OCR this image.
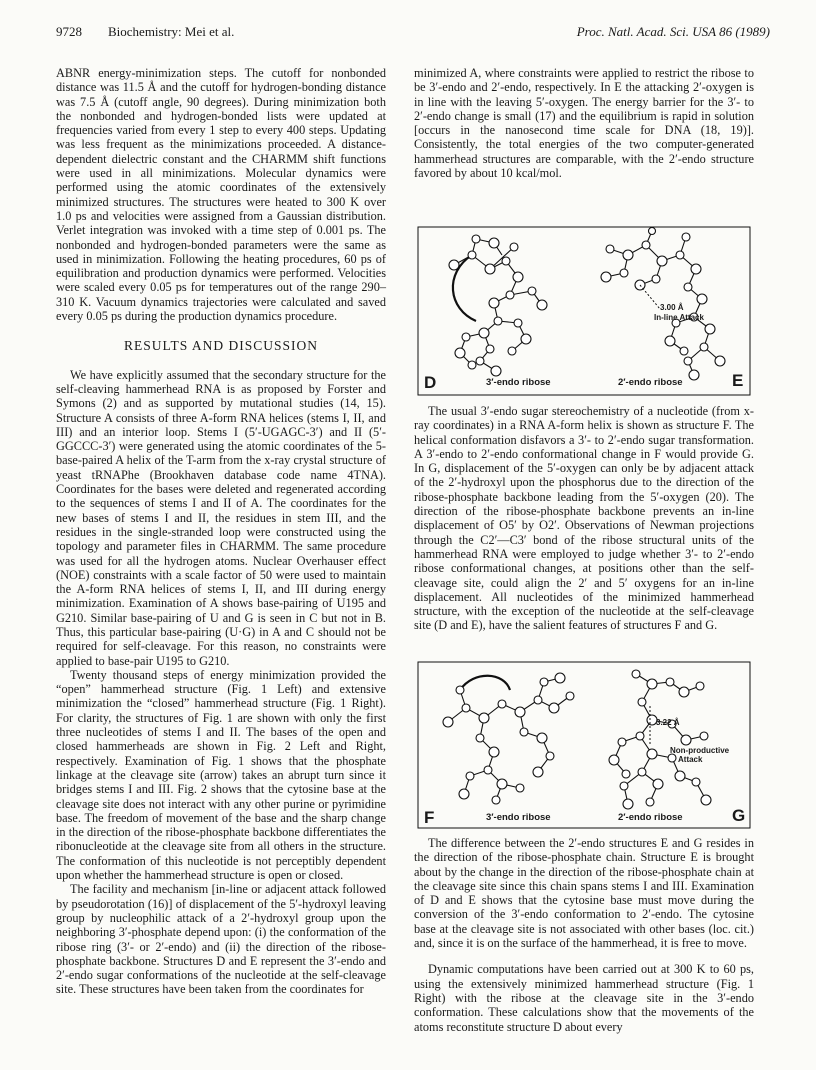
9728 Biochemistry: Mei et al.	Proc. Natl. Acad. Sci. USA 86 (1989)

ABNR energy-minimization steps. The cutoff for nonbonded distance was 11.5 Å and the cutoff for hydrogen-bonding distance was 7.5 Å (cutoff angle, 90 degrees). During minimization both the nonbonded and hydrogen-bonded lists were updated at frequencies varied from every 1 step to every 400 steps. Updating was less frequent as the minimizations proceeded. A distance-dependent dielectric constant and the CHARMM shift functions were used in all minimizations. Molecular dynamics were performed using the atomic coordinates of the extensively minimized structures. The structures were heated to 300 K over 1.0 ps and velocities were assigned from a Gaussian distribution. Verlet integration was invoked with a time step of 0.001 ps. The nonbonded and hydrogen-bonded parameters were the same as used in minimization. Following the heating procedures, 60 ps of equilibration and production dynamics were performed. Velocities were scaled every 0.05 ps for temperatures out of the range 290–310 K. Vacuum dynamics trajectories were calculated and saved every 0.05 ps during the production dynamics procedure.

RESULTS AND DISCUSSION

We have explicitly assumed that the secondary structure for the self-cleaving hammerhead RNA is as proposed by Forster and Symons (2) and as supported by mutational studies (14, 15). Structure A consists of three A-form RNA helices (stems I, II, and III) and an interior loop. Stems I (5′-UGAGC-3′) and II (5′-GGCCC-3′) were generated using the atomic coordinates of the 5-base-paired A helix of the T-arm from the x-ray crystal structure of yeast tRNAPhe (Brookhaven database code name 4TNA). Coordinates for the bases were deleted and regenerated according to the sequences of stems I and II of A. The coordinates for the new bases of stems I and II, the residues in stem III, and the residues in the single-stranded loop were constructed using the topology and parameter files in CHARMM. The same procedure was used for all the hydrogen atoms. Nuclear Overhauser effect (NOE) constraints with a scale factor of 50 were used to maintain the A-form RNA helices of stems I, II, and III during energy minimization. Examination of A shows base-pairing of U195 and G210. Similar base-pairing of U and G is seen in C but not in B. Thus, this particular base-pairing (U·G) in A and C should not be required for self-cleavage. For this reason, no constraints were applied to base-pair U195 to G210.

Twenty thousand steps of energy minimization provided the “open” hammerhead structure (Fig. 1 Left) and extensive minimization the “closed” hammerhead structure (Fig. 1 Right). For clarity, the structures of Fig. 1 are shown with only the first three nucleotides of stems I and II. The bases of the open and closed hammerheads are shown in Fig. 2 Left and Right, respectively. Examination of Fig. 1 shows that the phosphate linkage at the cleavage site (arrow) takes an abrupt turn since it bridges stems I and III. Fig. 2 shows that the cytosine base at the cleavage site does not interact with any other purine or pyrimidine base. The freedom of movement of the base and the sharp change in the direction of the ribose-phosphate backbone differentiates the ribonucleotide at the cleavage site from all others in the structure. The conformation of this nucleotide is not perceptibly dependent upon whether the hammerhead structure is open or closed.

The facility and mechanism [in-line or adjacent attack followed by pseudorotation (16)] of displacement of the 5′-hydroxyl leaving group by nucleophilic attack of a 2′-hydroxyl group upon the neighboring 3′-phosphate depend upon: (i) the conformation of the ribose ring (3′- or 2′-endo) and (ii) the direction of the ribose-phosphate backbone. Structures D and E represent the 3′-endo and 2′-endo sugar conformations of the nucleotide at the self-cleavage site. These structures have been taken from the coordinates for

minimized A, where constraints were applied to restrict the ribose to be 3′-endo and 2′-endo, respectively. In E the attacking 2′-oxygen is in line with the leaving 5′-oxygen. The energy barrier for the 3′- to 2′-endo change is small (17) and the equilibrium is rapid in solution [occurs in the nanosecond time scale for DNA (18, 19)]. Consistently, the total energies of the two computer-generated hammerhead structures are comparable, with the 2′-endo structure favored by about 10 kcal/mol.

D	E
3′-endo ribose	2′-endo ribose
3.00 Å
In-line Attack

The usual 3′-endo sugar stereochemistry of a nucleotide (from x-ray coordinates) in a RNA A-form helix is shown as structure F. The helical conformation disfavors a 3′- to 2′-endo sugar transformation. A 3′-endo to 2′-endo conformational change in F would provide G. In G, displacement of the 5′-oxygen can only be by adjacent attack of the 2′-hydroxyl upon the phosphorus due to the direction of the ribose-phosphate backbone leading from the 5′-oxygen (20). The direction of the ribose-phosphate backbone prevents an in-line displacement of O5′ by O2′. Observations of Newman projections through the C2′—C3′ bond of the ribose structural units of the hammerhead RNA were employed to judge whether 3′- to 2′-endo ribose conformational changes, at positions other than the self-cleavage site, could align the 2′ and 5′ oxygens for an in-line displacement. All nucleotides of the minimized hammerhead structure, with the exception of the nucleotide at the self-cleavage site (D and E), have the salient features of structures F and G.

F	G
3′-endo ribose	2′-endo ribose
3.22 Å
Non-productive
Attack

The difference between the 2′-endo structures E and G resides in the direction of the ribose-phosphate chain. Structure E is brought about by the change in the direction of the ribose-phosphate chain at the cleavage site since this chain spans stems I and III. Examination of D and E shows that the cytosine base must move during the conversion of the 3′-endo conformation to 2′-endo. The cytosine base at the cleavage site is not associated with other bases (loc. cit.) and, since it is on the surface of the hammerhead, it is free to move.

Dynamic computations have been carried out at 300 K to 60 ps, using the extensively minimized hammerhead structure (Fig. 1 Right) with the ribose at the cleavage site in the 3′-endo conformation. These calculations show that the movements of the atoms reconstitute structure D about every
